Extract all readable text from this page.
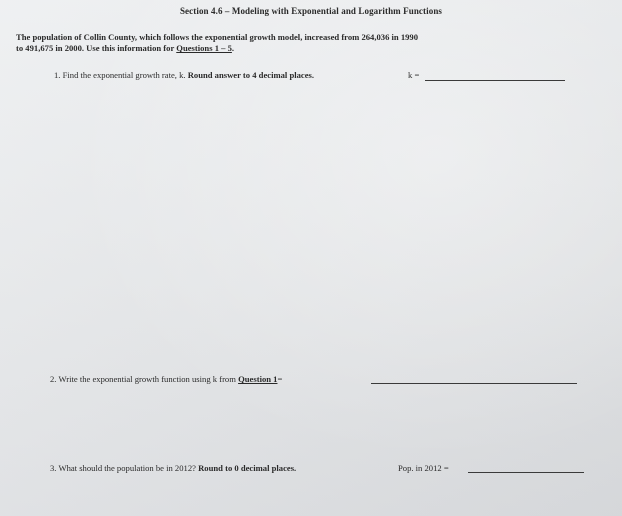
Section 4.6 – Modeling with Exponential and Logarithm Functions
The population of Collin County, which follows the exponential growth model, increased from 264,036 in 1990
to 491,675 in 2000. Use this information for Questions 1 – 5.
1. Find the exponential growth rate, k. Round answer to 4 decimal places.	k =
2. Write the exponential growth function using k from Question 1=
3. What should the population be in 2012? Round to 0 decimal places.	Pop. in 2012 =
